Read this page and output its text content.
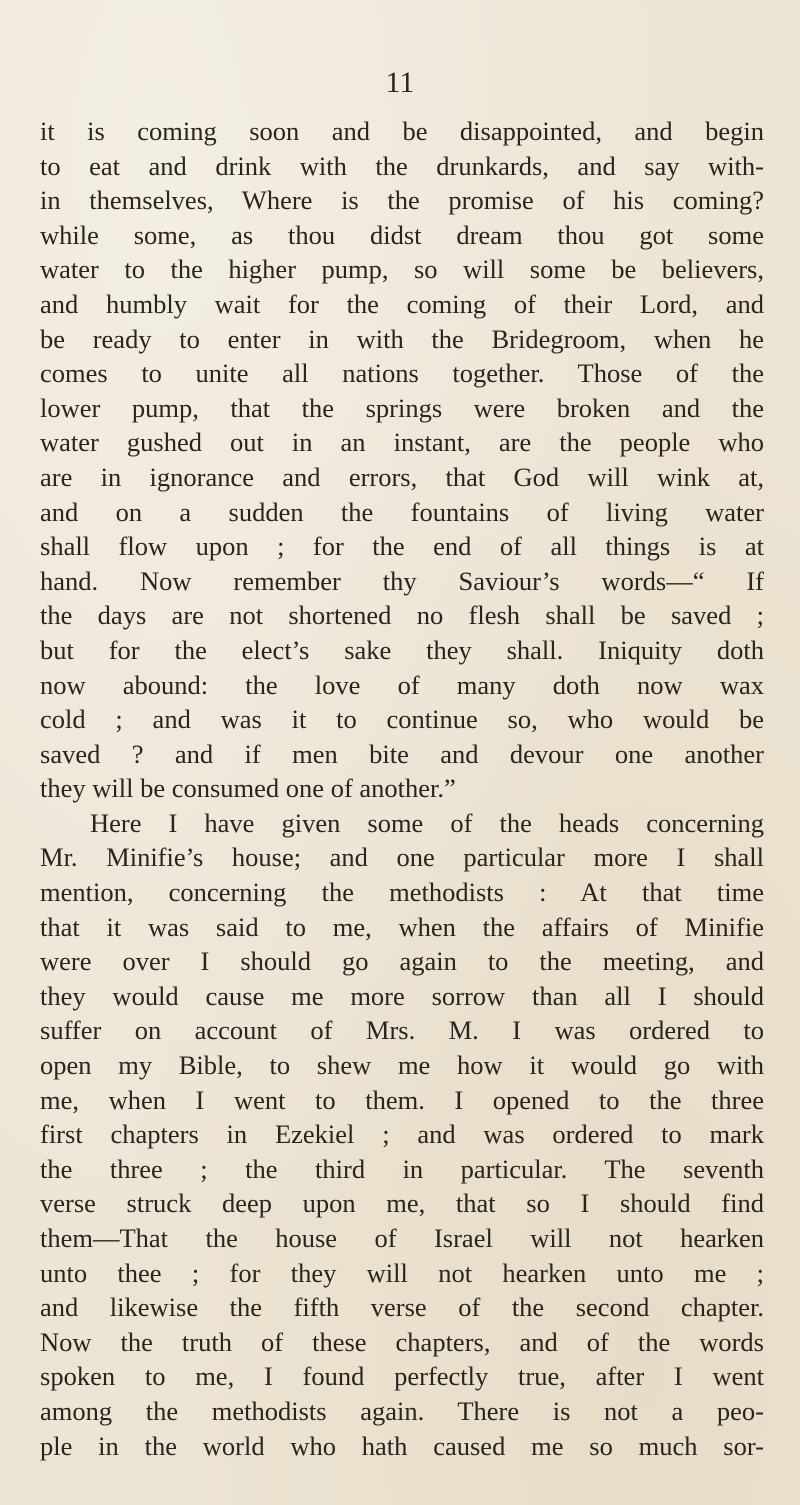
11
it is coming soon and be disappointed, and begin
to eat and drink with the drunkards, and say with-
in themselves, Where is the promise of his coming?
while some, as thou didst dream thou got some
water to the higher pump, so will some be believers,
and humbly wait for the coming of their Lord, and
be ready to enter in with the Bridegroom, when he
comes to unite all nations together. Those of the
lower pump, that the springs were broken and the
water gushed out in an instant, are the people who
are in ignorance and errors, that God will wink at,
and on a sudden the fountains of living water
shall flow upon ; for the end of all things is at
hand. Now remember thy Saviour’s words—“ If
the days are not shortened no flesh shall be saved ;
but for the elect’s sake they shall. Iniquity doth
now abound: the love of many doth now wax
cold ; and was it to continue so, who would be
saved ? and if men bite and devour one another
they will be consumed one of another.”
Here I have given some of the heads concerning
Mr. Minifie’s house; and one particular more I shall
mention, concerning the methodists : At that time
that it was said to me, when the affairs of Minifie
were over I should go again to the meeting, and
they would cause me more sorrow than all I should
suffer on account of Mrs. M. I was ordered to
open my Bible, to shew me how it would go with
me, when I went to them. I opened to the three
first chapters in Ezekiel ; and was ordered to mark
the three ; the third in particular. The seventh
verse struck deep upon me, that so I should find
them—That the house of Israel will not hearken
unto thee ; for they will not hearken unto me ;
and likewise the fifth verse of the second chapter.
Now the truth of these chapters, and of the words
spoken to me, I found perfectly true, after I went
among the methodists again. There is not a peo-
ple in the world who hath caused me so much sor-
